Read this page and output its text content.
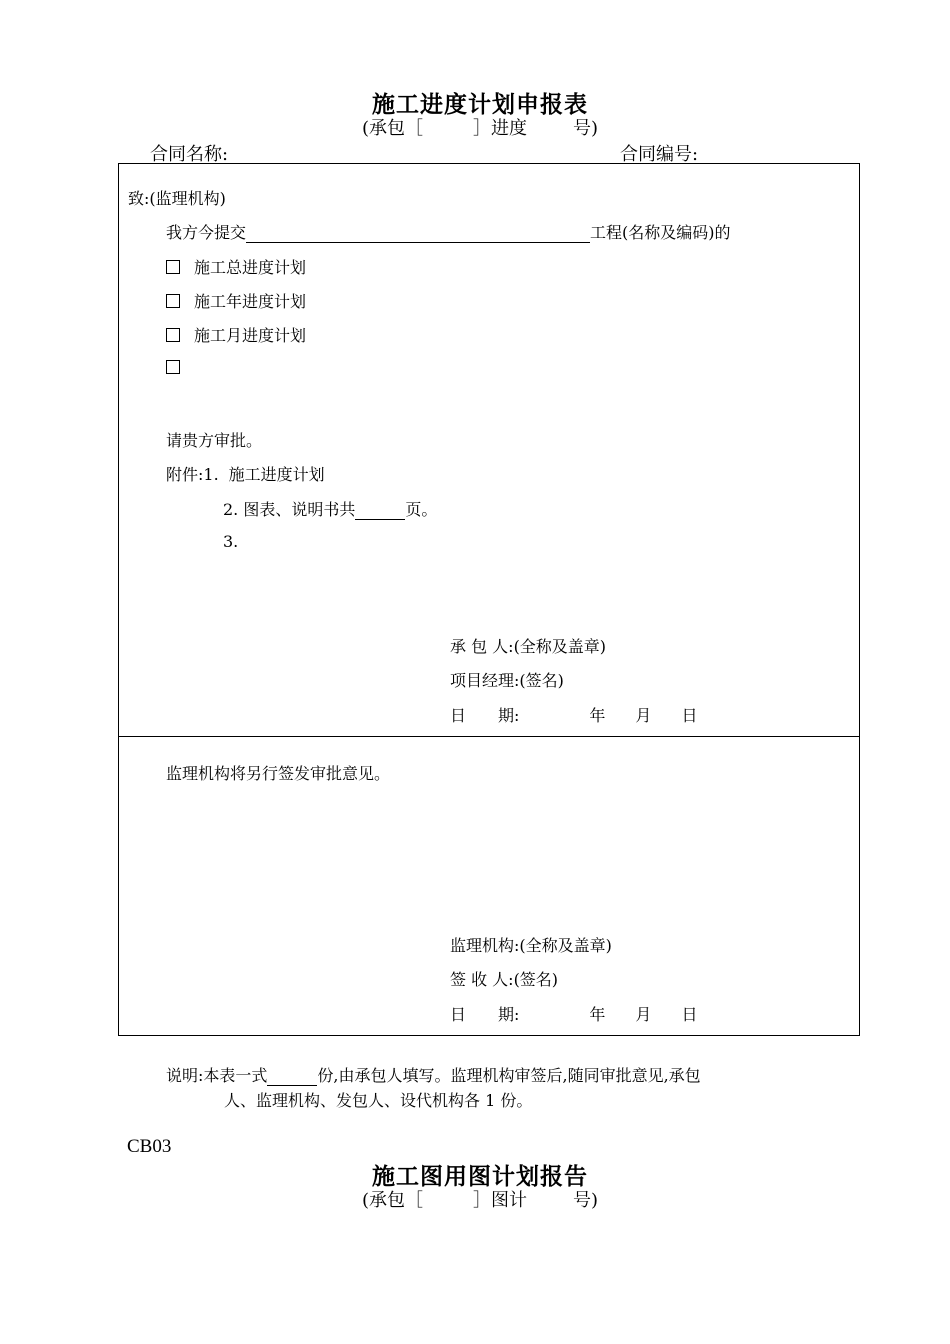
施工进度计划申报表
(承包［	］进度	号)
合同名称:	合同编号:
致:(监理机构)
我方今提交	工程(名称及编码)的
施工总进度计划
施工年进度计划
施工月进度计划
请贵方审批。
附件:1. 施工进度计划
2. 图表、说明书共	页。
3.
承 包 人:(全称及盖章)
项目经理:(签名)
日　　期:	年 月 日
监理机构将另行签发审批意见。
监理机构:(全称及盖章)
签 收 人:(签名)
日　　期:	年 月 日
说明:本表一式	份,由承包人填写。监理机构审签后,随同审批意见,承包
人、监理机构、发包人、设代机构各 1 份。
CB03
施工图用图计划报告
(承包［	］图计	号)
